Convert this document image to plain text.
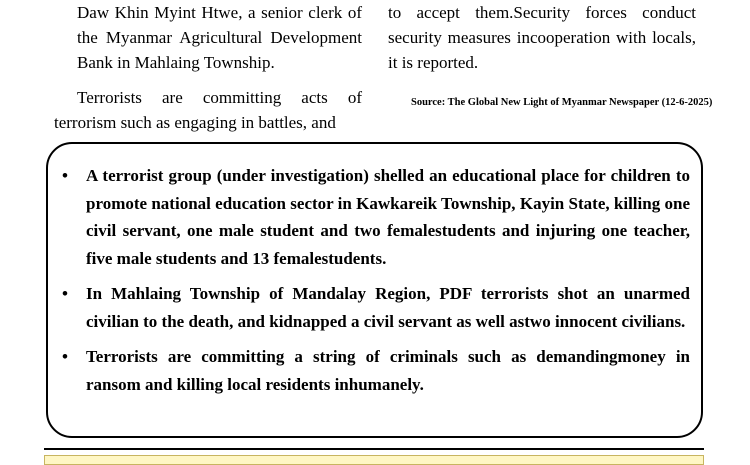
Daw Khin Myint Htwe, a senior clerk of the Myanmar Agricultural Development Bank in Mahlaing Township.

Terrorists are committing acts of terrorism such as engaging in battles, and

to accept them.Security forces conduct security measures incooperation with locals, it is reported.

Source: The Global New Light of Myanmar Newspaper (12-6-2025)
•	A terrorist group (under investigation) shelled an educational place for children to promote national education sector in Kawkareik Township, Kayin State, killing one civil servant, one male student and two femalestudents and injuring one teacher, five male students and 13 femalestudents.
•	In Mahlaing Township of Mandalay Region, PDF terrorists shot an unarmed civilian to the death, and kidnapped a civil servant as well astwo innocent civilians.
•	Terrorists are committing a string of criminals such as demandingmoney in ransom and killing local residents inhumanely.
